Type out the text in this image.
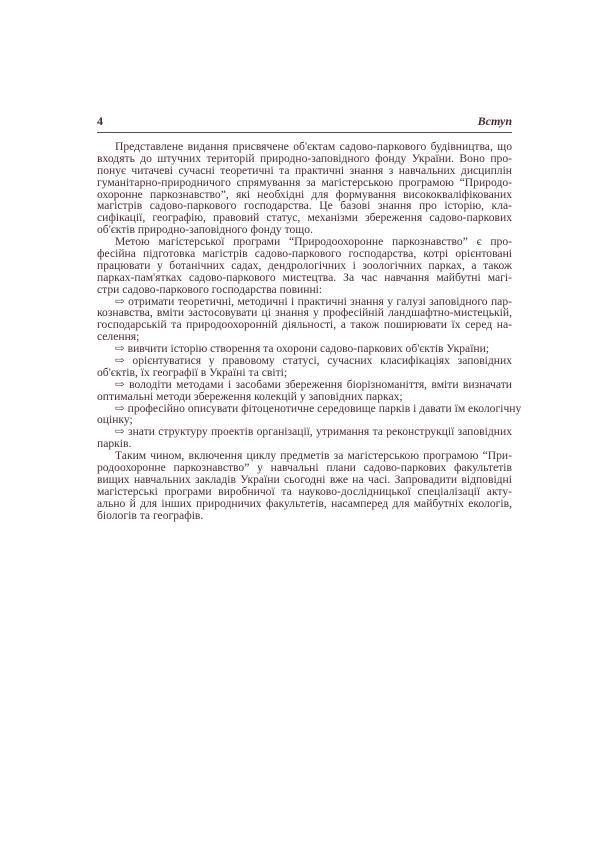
4	Вступ
Представлене видання присвячене об'єктам садово-паркового будівництва, що
входять до штучних територій природно-заповідного фонду України. Воно про-
понує читачеві сучасні теоретичні та практичні знання з навчальних дисциплін
гуманітарно-природничого спрямування за магістерською програмою “Природо-
охоронне паркознавство”, які необхідні для формування висококваліфікованих
магістрів садово-паркового господарства. Це базові знання про історію, кла-
сифікації, географію, правовий статус, механізми збереження садово-паркових
об'єктів природно-заповідного фонду тощо.
Метою магістерської програми “Природоохоронне паркознавство” є про-
фесійна підготовка магістрів садово-паркового господарства, котрі орієнтовані
працювати у ботанічних садах, дендрологічних і зоологічних парках, а також
парках-пам'ятках садово-паркового мистецтва. За час навчання майбутні магі-
стри садово-паркового господарства повинні:
⇨ отримати теоретичні, методичні і практичні знання у галузі заповідного пар-
кознавства, вміти застосовувати ці знання у професійній ландшафтно-мистецькій,
господарській та природоохоронній діяльності, а також поширювати їх серед на-
селення;
⇨ вивчити історію створення та охорони садово-паркових об'єктів України;
⇨ орієнтуватися у правовому статусі, сучасних класифікаціях заповідних
об'єктів, їх географії в Україні та світі;
⇨ володіти методами і засобами збереження біорізноманіття, вміти визначати
оптимальні методи збереження колекцій у заповідних парках;
⇨ професійно описувати фітоценотичне середовище парків і давати їм екологічну
оцінку;
⇨ знати структуру проектів організації, утримання та реконструкції заповідних
парків.
Таким чином, включення циклу предметів за магістерською програмою “При-
родоохоронне паркознавство” у навчальні плани садово-паркових факультетів
вищих навчальних закладів України сьогодні вже на часі. Запровадити відповідні
магістерські програми виробничої та науково-дослідницької спеціалізації акту-
ально й для інших природничих факультетів, насамперед для майбутніх екологів,
біологів та географів.
